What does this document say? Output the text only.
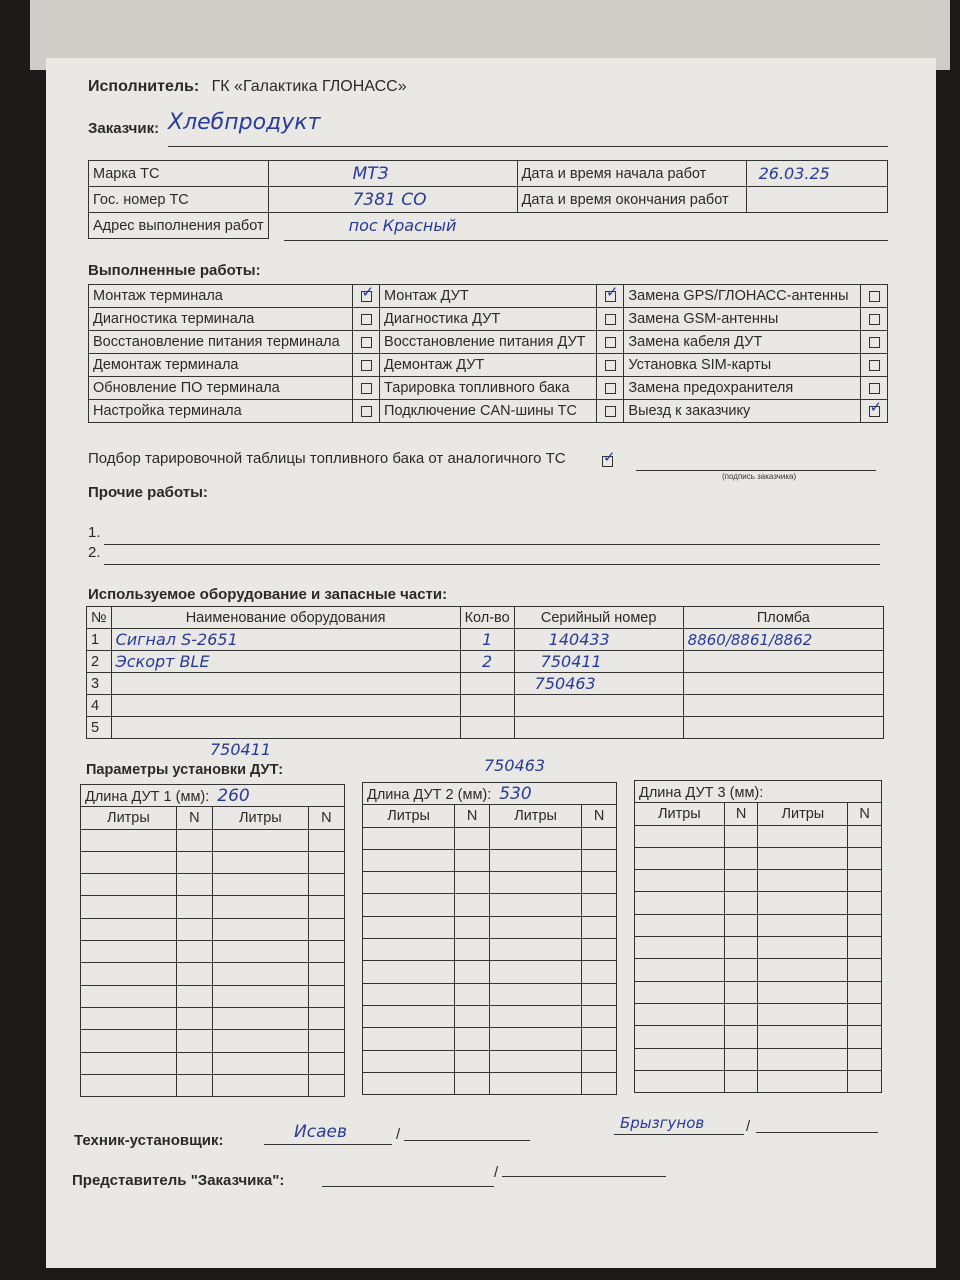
Исполнитель: ГК «Галактика ГЛОНАСС»
Заказчик: Хлебпродукт
Марка ТС	МТЗ	Дата и время начала работ	26.03.25
Гос. номер ТС	7381 СО	Дата и время окончания работ	
Адрес выполнения работ	пос Красный		
Выполненные работы:
Монтаж терминала	✓	Монтаж ДУТ	✓	Замена GPS/ГЛОНАСС-антенны	
Диагностика терминала		Диагностика ДУТ		Замена GSM-антенны	
Восстановление питания терминала		Восстановление питания ДУТ		Замена кабеля ДУТ	
Демонтаж терминала		Демонтаж ДУТ		Установка SIM-карты	
Обновление ПО терминала		Тарировка топливного бака		Замена предохранителя	
Настройка терминала		Подключение CAN-шины ТС		Выезд к заказчику	✓
Подбор тарировочной таблицы топливного бака от аналогичного ТС
✓
(подпись заказчика)
Прочие работы:
1.
2.
Используемое оборудование и запасные части:
№	Наименование оборудования	Кол-во	Серийный номер	Пломба
1	Сигнал S-2651	1	140433	8860/8861/8862
2	Эскорт BLE	2	750411	
3			750463	
4				
5				
750411
750463
Параметры установки ДУТ:
Длина ДУТ 1 (мм): 260			
Литры	N	Литры	N

Длина ДУТ 2 (мм): 530			
Литры	N	Литры	N

Длина ДУТ 3 (мм):			
Литры	N	Литры	N

Техник-установщик:	Исаев	/
Брызгунов	/
Представитель "Заказчика":	/
